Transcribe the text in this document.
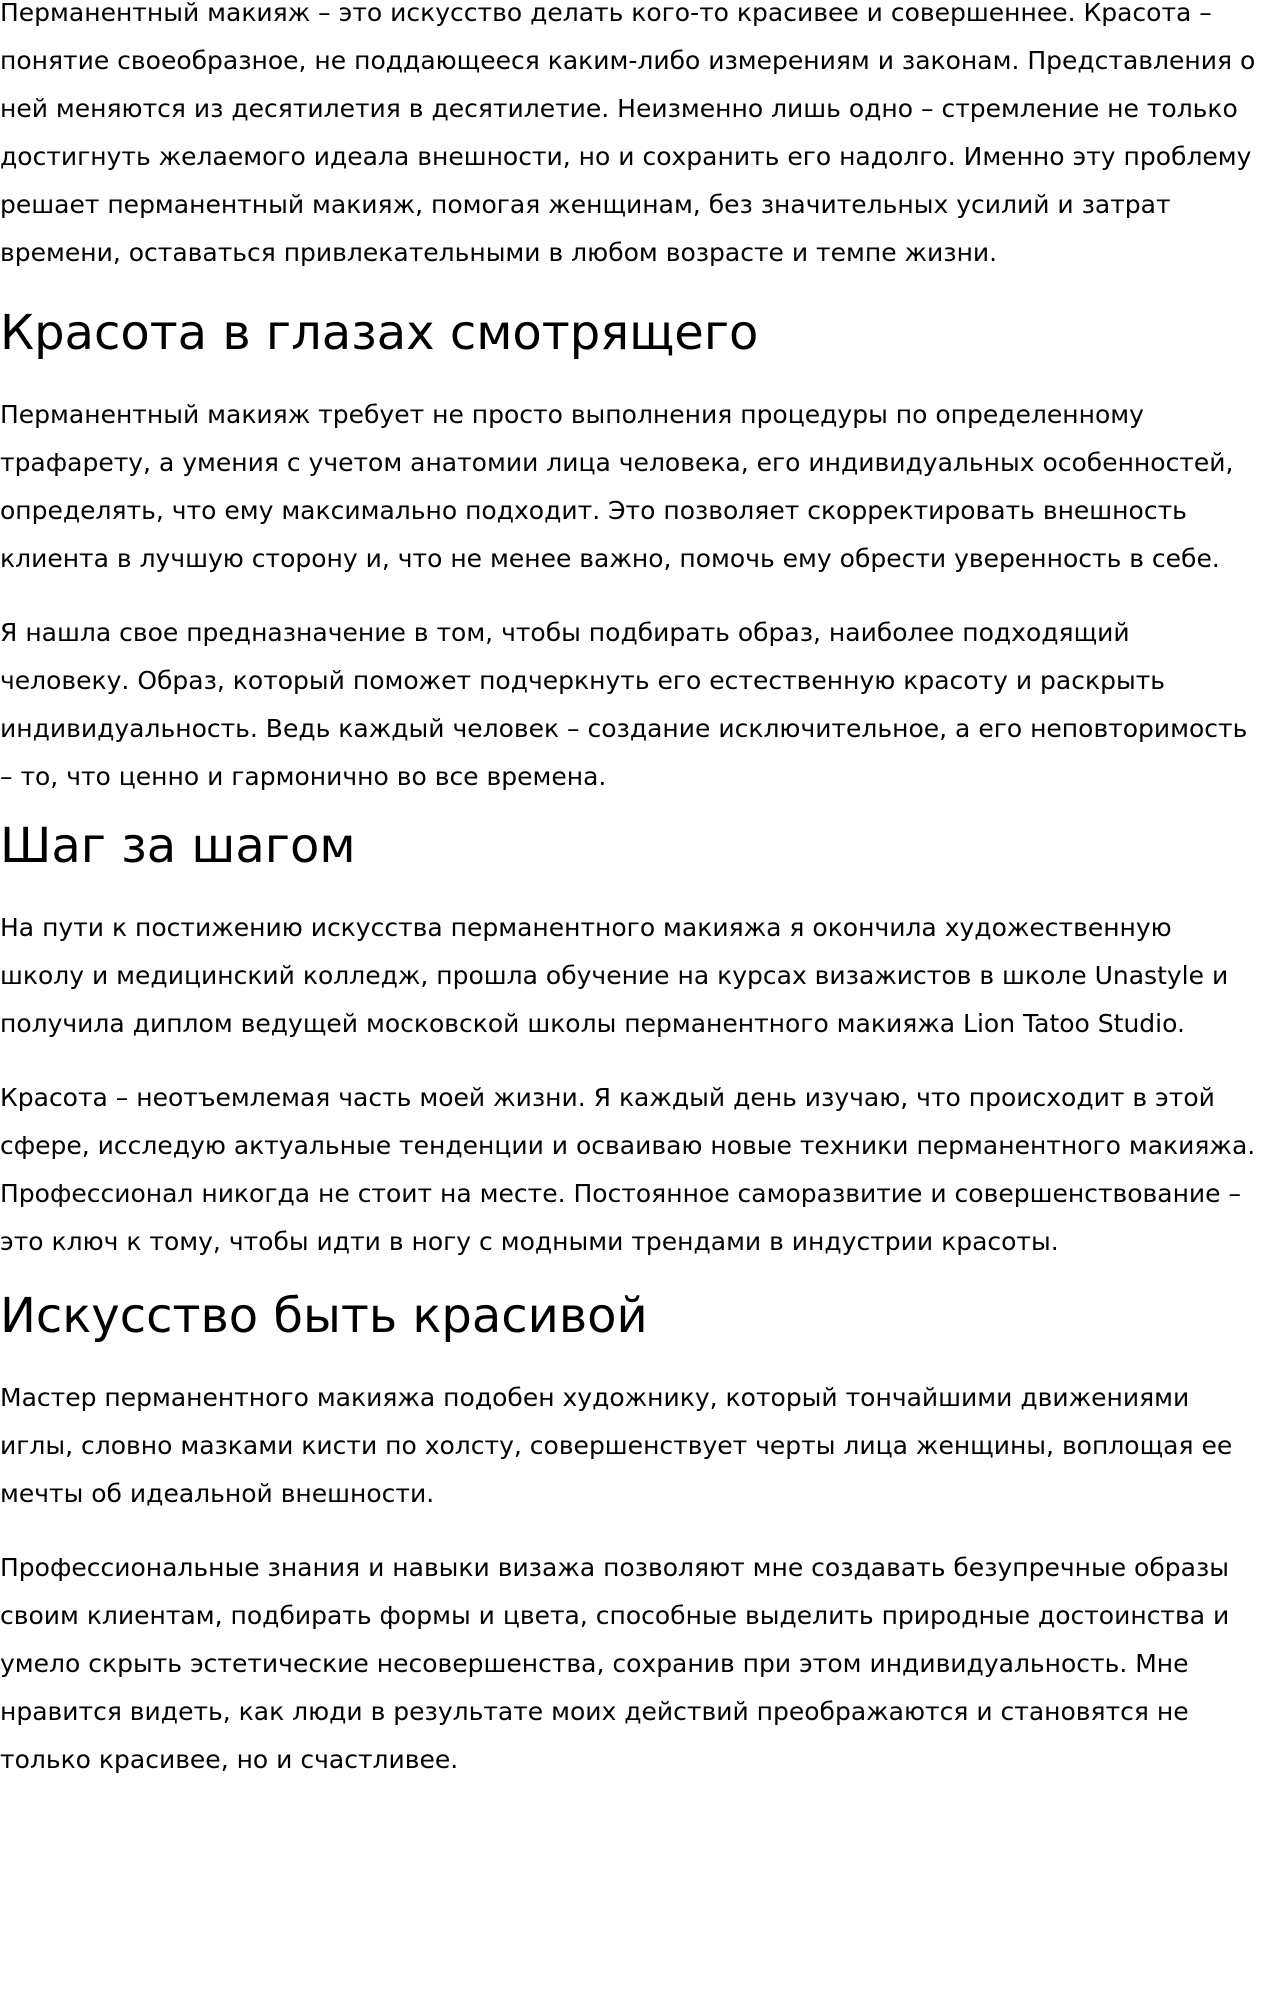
Перманентный макияж – это искусство делать кого-то красивее и совершеннее. Красота – понятие своеобразное, не поддающееся каким-либо измерениям и законам. Представления о ней меняются из десятилетия в десятилетие. Неизменно лишь одно – стремление не только достигнуть желаемого идеала внешности, но и сохранить его надолго. Именно эту проблему решает перманентный макияж, помогая женщинам, без значительных усилий и затрат времени, оставаться привлекательными в любом возрасте и темпе жизни.

Красота в глазах смотрящего

Перманентный макияж требует не просто выполнения процедуры по определенному трафарету, а умения с учетом анатомии лица человека, его индивидуальных особенностей, определять, что ему максимально подходит. Это позволяет скорректировать внешность клиента в лучшую сторону и, что не менее важно, помочь ему обрести уверенность в себе.

Я нашла свое предназначение в том, чтобы подбирать образ, наиболее подходящий человеку. Образ, который поможет подчеркнуть его естественную красоту и раскрыть индивидуальность. Ведь каждый человек – создание исключительное, а его неповторимость – то, что ценно и гармонично во все времена.

Шаг за шагом

На пути к постижению искусства перманентного макияжа я окончила художественную школу и медицинский колледж, прошла обучение на курсах визажистов в школе Unastyle и получила диплом ведущей московской школы перманентного макияжа Lion Tatoo Studio.

Красота – неотъемлемая часть моей жизни. Я каждый день изучаю, что происходит в этой сфере, исследую актуальные тенденции и осваиваю новые техники перманентного макияжа. Профессионал никогда не стоит на месте. Постоянное саморазвитие и совершенствование – это ключ к тому, чтобы идти в ногу с модными трендами в индустрии красоты.

Искусство быть красивой

Мастер перманентного макияжа подобен художнику, который тончайшими движениями иглы, словно мазками кисти по холсту, совершенствует черты лица женщины, воплощая ее мечты об идеальной внешности.

Профессиональные знания и навыки визажа позволяют мне создавать безупречные образы своим клиентам, подбирать формы и цвета, способные выделить природные достоинства и умело скрыть эстетические несовершенства, сохранив при этом индивидуальность. Мне нравится видеть, как люди в результате моих действий преображаются и становятся не только красивее, но и счастливее.
